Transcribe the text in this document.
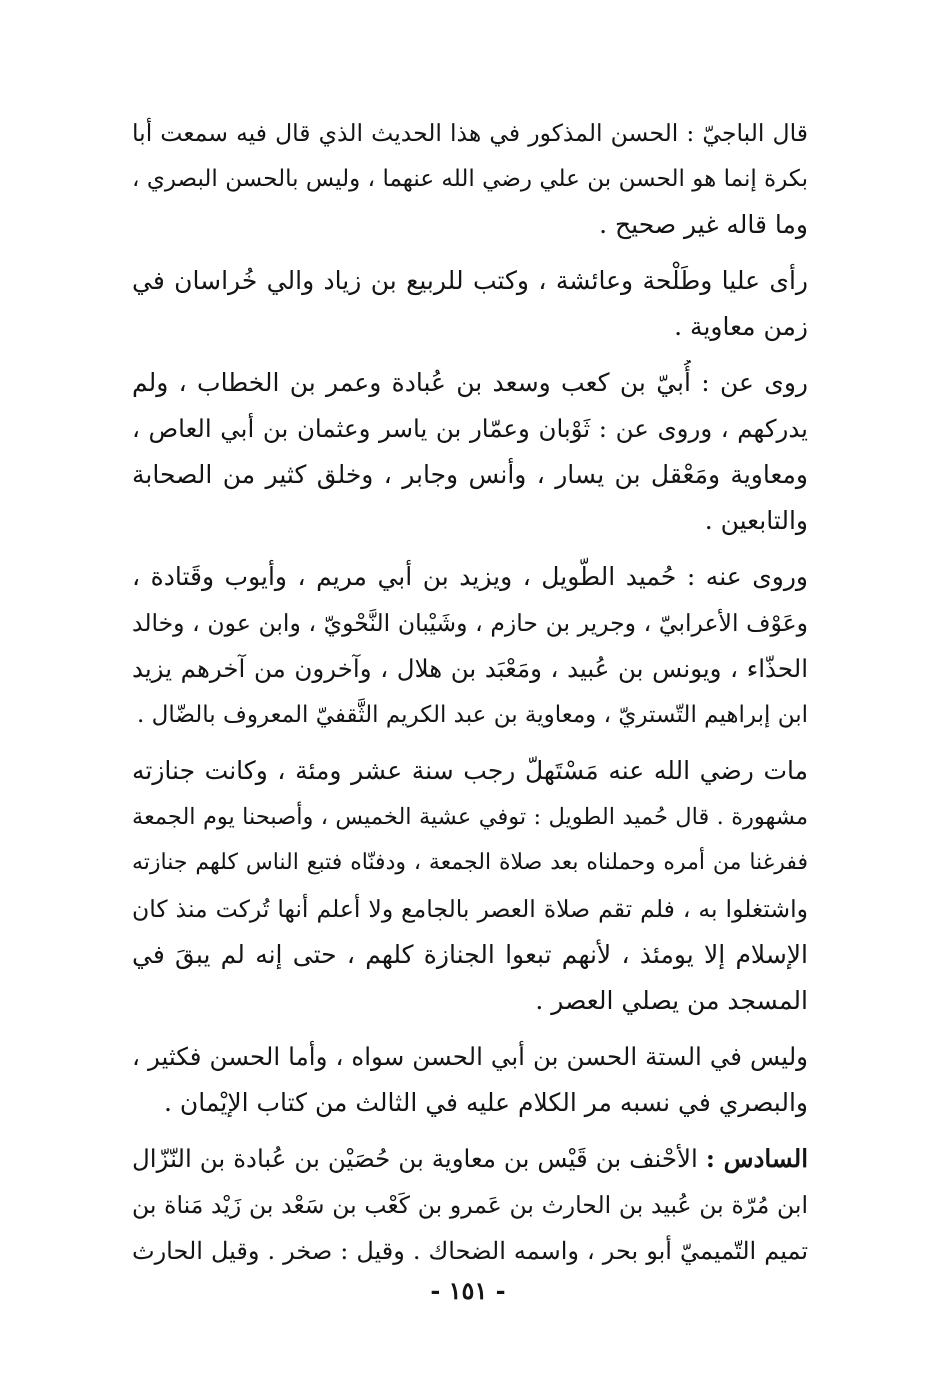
قال الباجيّ : الحسن المذكور في هذا الحديث الذي قال فيه سمعت أبا
بكرة إنما هو الحسن بن علي رضي الله عنهما ، وليس بالحسن البصري ،
وما قاله غير صحيح .
رأى عليا وطَلْحة وعائشة ، وكتب للربيع بن زياد والي خُراسان في
زمن معاوية .
روى عن : أُبيّ بن كعب وسعد بن عُبادة وعمر بن الخطاب ، ولم
يدركهم ، وروى عن : ثَوْبان وعمّار بن ياسر وعثمان بن أبي العاص ،
ومعاوية ومَعْقل بن يسار ، وأنس وجابر ، وخلق كثير من الصحابة
والتابعين .
وروى عنه : حُميد الطّويل ، ويزيد بن أبي مريم ، وأيوب وقَتادة ،
وعَوْف الأعرابيّ ، وجرير بن حازم ، وشَيْبان النَّحْويّ ، وابن عون ، وخالد
الحذّاء ، ويونس بن عُبيد ، ومَعْبَد بن هلال ، وآخرون من آخرهم يزيد
ابن إبراهيم التّستريّ ، ومعاوية بن عبد الكريم الثَّقفيّ المعروف بالضّال .
مات رضي الله عنه مَسْتَهلّ رجب سنة عشر ومئة ، وكانت جنازته
مشهورة . قال حُميد الطويل : توفي عشية الخميس ، وأصبحنا يوم الجمعة
ففرغنا من أمره وحملناه بعد صلاة الجمعة ، ودفنّاه فتبع الناس كلهم جنازته
واشتغلوا به ، فلم تقم صلاة العصر بالجامع ولا أعلم أنها تُركت منذ كان
الإسلام إلا يومئذ ، لأنهم تبعوا الجنازة كلهم ، حتى إنه لم يبقَ في
المسجد من يصلي العصر .
وليس في الستة الحسن بن أبي الحسن سواه ، وأما الحسن فكثير ،
والبصري في نسبه مر الكلام عليه في الثالث من كتاب الإيْمان .
السادس : الأحْنف بن قَيْس بن معاوية بن حُصَيْن بن عُبادة بن النّزّال
ابن مُرّة بن عُبيد بن الحارث بن عَمرو بن كَعْب بن سَعْد بن زَيْد مَناة بن
تميم التّميميّ أبو بحر ، واسمه الضحاك . وقيل : صخر . وقيل الحارث
- ١٥١ -
